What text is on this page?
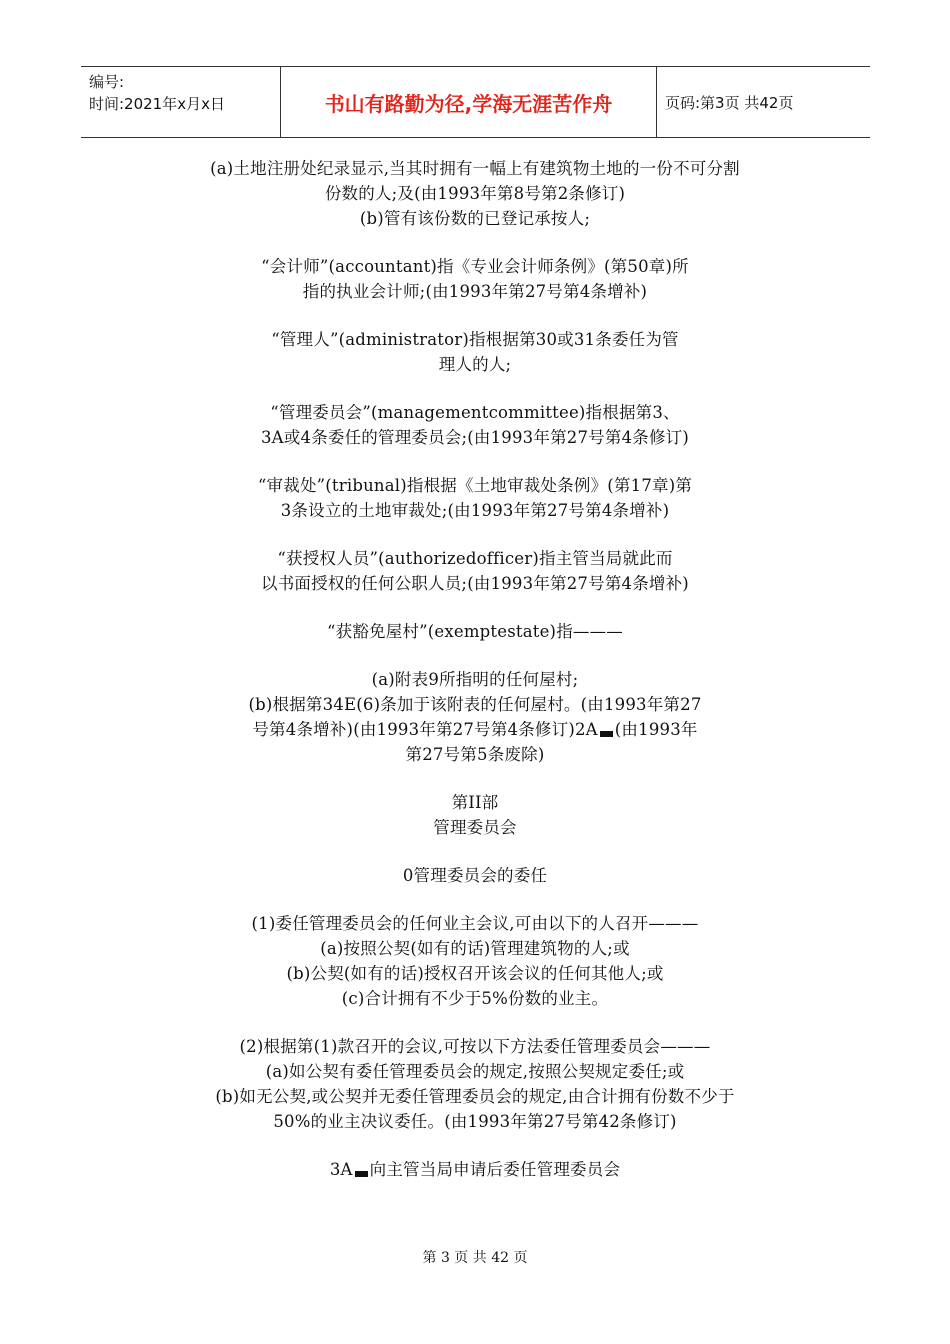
编号:
时间:2021年x月x日	书山有路勤为径,学海无涯苦作舟	页码:第3页 共42页

(a)土地注册处纪录显示,当其时拥有一幅上有建筑物土地的一份不可分割

份数的人;及(由1993年第8号第2条修订)

(b)管有该份数的已登记承按人;

“会计师”(accountant)指《专业会计师条例》(第50章)所

指的执业会计师;(由1993年第27号第4条增补)

“管理人”(administrator)指根据第30或31条委任为管

理人的人;

“管理委员会”(managementcommittee)指根据第3、

3A或4条委任的管理委员会;(由1993年第27号第4条修订)

“审裁处”(tribunal)指根据《土地审裁处条例》(第17章)第

3条设立的土地审裁处;(由1993年第27号第4条增补)

“获授权人员”(authorizedofficer)指主管当局就此而

以书面授权的任何公职人员;(由1993年第27号第4条增补)

“获豁免屋村”(exemptestate)指———

(a)附表9所指明的任何屋村;

(b)根据第34E(6)条加于该附表的任何屋村。(由1993年第27

号第4条增补)(由1993年第27号第4条修订)2A (由1993年

第27号第5条废除)

第II部

管理委员会

0管理委员会的委任

(1)委任管理委员会的任何业主会议,可由以下的人召开———

(a)按照公契(如有的话)管理建筑物的人;或

(b)公契(如有的话)授权召开该会议的任何其他人;或

(c)合计拥有不少于5%份数的业主。

(2)根据第(1)款召开的会议,可按以下方法委任管理委员会———

(a)如公契有委任管理委员会的规定,按照公契规定委任;或

(b)如无公契,或公契并无委任管理委员会的规定,由合计拥有份数不少于

50%的业主决议委任。(由1993年第27号第42条修订)

3A 向主管当局申请后委任管理委员会

第 3 页 共 42 页
